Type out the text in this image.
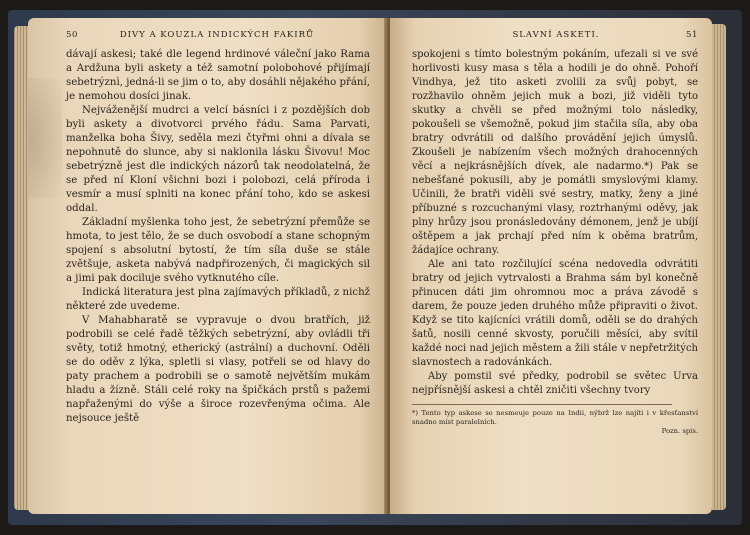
50	DIVY A KOUZLA INDICKÝCH FAKIRŮ

dávají askesi; také dle legend hrdinové váleční jako Rama a Ardžuna byli askety a též samotní polobohové přijímají sebetrýznì, jedná-li se jim o to, aby dosáhli nějakého přání, je nemohou dosíci jinak.

Nejváženější mudrci a velcí básníci i z pozdějších dob byli askety a divotvorci prvého řádu. Sama Parvati, manželka boha Šivy, seděla mezi čtyřmi ohni a dívala se nepohnutě do slunce, aby si naklonila lásku Šivovu! Moc sebetrýzně jest dle indických názorů tak neodolatelná, že se před ní Kloní všichni bozi i polobozi, celá příroda i vesmír a musí splniti na konec přání toho, kdo se askesi oddal.

Základní myšlenka toho jest, že sebetrýzní přemůže se hmota, to jest tělo, že se duch osvobodí a stane schopným spojení s absolutní bytostí, že tím síla duše se stále zvětšuje, asketa nabývá nadpřirozených, či magických sil a jimi pak dociluje svého vytknutého cíle.

Indická literatura jest plna zajímavých příkladů, z nichž některé zde uvedeme.

V Mahabharatě se vypravuje o dvou bratřích, již podrobili se celé řadě těžkých sebetrýzní, aby ovládli tři světy, totiž hmotný, etherický (astrální) a duchovní. Oděli se do oděv z lýka, spletli si vlasy, potřeli se od hlavy do paty prachem a podrobili se o samotě největším mukám hladu a žízně. Stáli celé roky na špičkách prstů s pažemi napřaženými do výše a široce rozevřenýma očima. Ale nejsouce ještě

SLAVNÍ ASKETI.	51

spokojeni s tímto bolestným pokáním, ufezali si ve své horlivosti kusy masa s těla a hodili je do ohně. Pohoří Vindhya, jež tito asketi zvolili za svůj pobyt, se rozžhavilo ohněm jejich muk a bozi, již viděli tyto skutky a chvěli se před možnými tolo následky, pokoušeli se všemožně, pokud jim stačila síla, aby oba bratry odvrátili od dalšího provádění jejich úmyslů. Zkoušeli je nabízením všech možných drahocenných věcí a nejkrásnějších dívek, ale nadarmo.*) Pak se nebešťané pokusili, aby je pomátli smyslovými klamy. Učinili, že bratři viděli své sestry, matky, ženy a jiné příbuzné s rozcuchanými vlasy, roztrhanými oděvy, jak plny hrůzy jsou pronásledovány démonem, jenž je ubíjí oštěpem a jak prchají před ním k oběma bratrům, žádajíce ochrany.

Ale ani tato rozčilující scéna nedovedla odvrátiti bratry od jejich vytrvalosti a Brahma sám byl konečně přinucen dáti jim ohromnou moc a práva závodě s darem, že pouze jeden druhého může připraviti o život. Když se tito kajícníci vrátili domů, oděli se do drahých šatů, nosili cenné skvosty, poručili měsíci, aby svítil každé noci nad jejich městem a žili stále v nepřetržitých slavnostech a radovánkách.

Aby pomstil své předky, podrobil se světec Urva nejpřísnější askesi a chtěl zničiti všechny tvory

*) Tento typ askese se nesmeuje pouze na Indii, nýbrž lze najíti i v křesťanství snadno míst paralelních.

Pozn. spis.
